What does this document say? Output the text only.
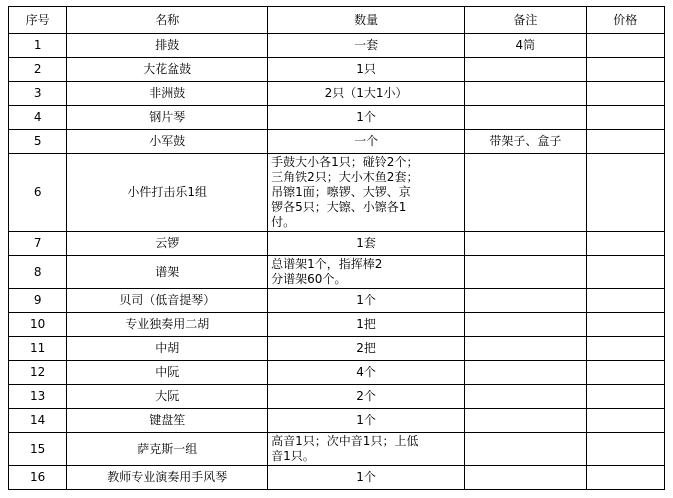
序号	名称	数量	备注	价格
1	排鼓	一套	4筒	
2	大花盆鼓	1只		
3	非洲鼓	2只（1大1小）		
4	钢片琴	1个		
5	小军鼓	一个	带架子、盒子	
6	小件打击乐1组	手鼓大小各1只；碰铃2个；
三角铁2只；大小木鱼2套；
吊镲1面；嚓锣、大锣、京
锣各5只；大镲、小镲各1
付。		

7	云锣	1套		
8	谱架	总谱架1个，指挥棒2
分谱架60个。		

9	贝司（低音提琴）	1个		
10	专业独奏用二胡	1把		
11	中胡	2把		
12	中阮	4个		
13	大阮	2个		
14	键盘笙	1个		
15	萨克斯一组	高音1只；次中音1只；上低
音1只。		

16	教师专业演奏用手风琴	1个		
